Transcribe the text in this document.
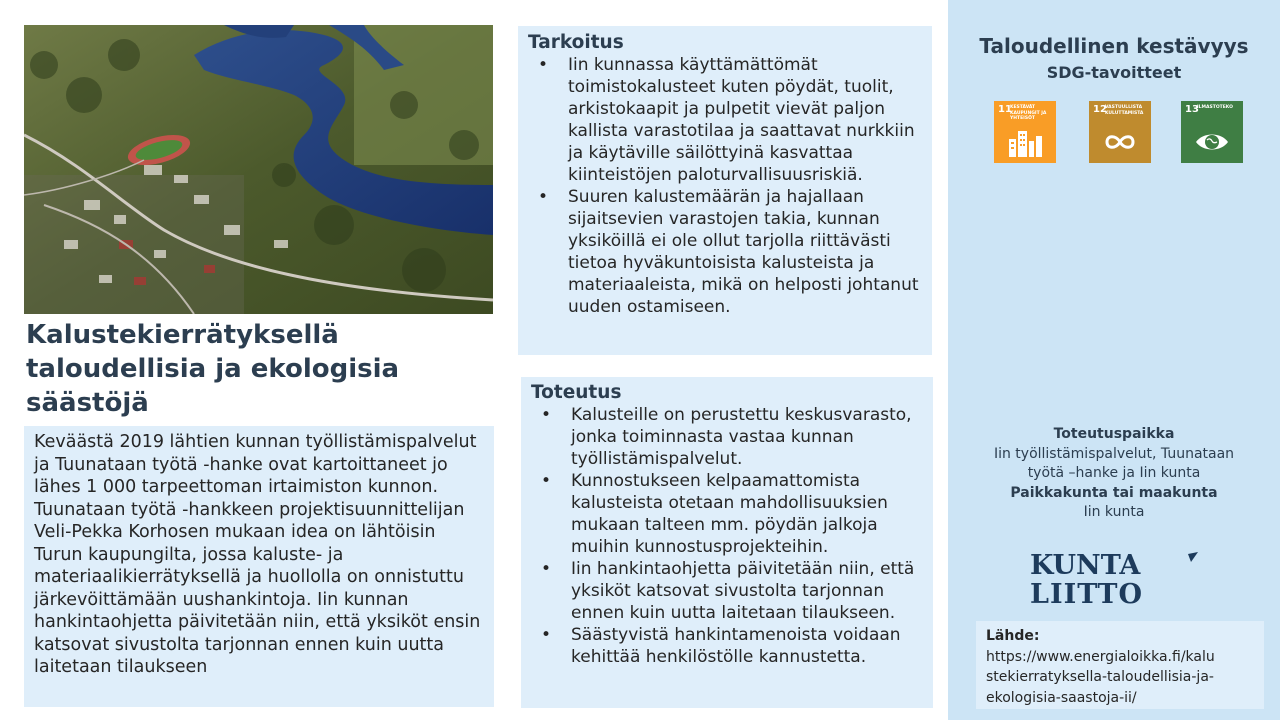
Kalustekierrätyksellä taloudellisia ja ekologisia säästöjä
Keväästä 2019 lähtien kunnan työllistämispalvelut ja Tuunataan työtä -hanke ovat kartoittaneet jo lähes 1 000 tarpeettoman irtaimiston kunnon. Tuunataan työtä -hankkeen projektisuunnittelijan Veli-Pekka Korhosen mukaan idea on lähtöisin Turun kaupungilta, jossa kaluste- ja materiaalikierrätyksellä ja huollolla on onnistuttu järkevöittämään uushankintoja. Iin kunnan hankintaohjetta päivitetään niin, että yksiköt ensin katsovat sivustolta tarjonnan ennen kuin uutta laitetaan tilaukseen
Tarkoitus
• Iin kunnassa käyttämättömät toimistokalusteet kuten pöydät, tuolit, arkistokaapit ja pulpetit vievät paljon kallista varastotilaa ja saattavat nurkkiin ja käytäville säilöttyinä kasvattaa kiinteistöjen paloturvallisuusriskiä.
• Suuren kalustemäärän ja hajallaan sijaitsevien varastojen takia, kunnan yksiköillä ei ole ollut tarjolla riittävästi tietoa hyväkuntoisista kalusteista ja materiaaleista, mikä on helposti johtanut uuden ostamiseen.
Toteutus
• Kalusteille on perustettu keskusvarasto, jonka toiminnasta vastaa kunnan työllistämispalvelut.
• Kunnostukseen kelpaamattomista kalusteista otetaan mahdollisuuksien mukaan talteen mm. pöydän jalkoja muihin kunnostusprojekteihin.
• Iin hankintaohjetta päivitetään niin, että yksiköt katsovat sivustolta tarjonnan ennen kuin uutta laitetaan tilaukseen.
• Säästyvistä hankintamenoista voidaan kehittää henkilöstölle kannustetta.
Taloudellinen kestävyys
SDG-tavoitteet
11
KESTÄVÄT KAUPUNGIT JA YHTEISÖT
12
VASTUULLISTA KULUTTAMISTA	13
ILMASTOTEKO
Toteutuspaikka
Iin työllistämispalvelut, Tuunataan
työtä –hanke ja Iin kunta
Paikkakunta tai maakunta
Iin kunta
KUNTA
LIITTO
Lähde:
https://www.energialoikka.fi/kalu
stekierratyksella-taloudellisia-ja-
ekologisia-saastoja-ii/
